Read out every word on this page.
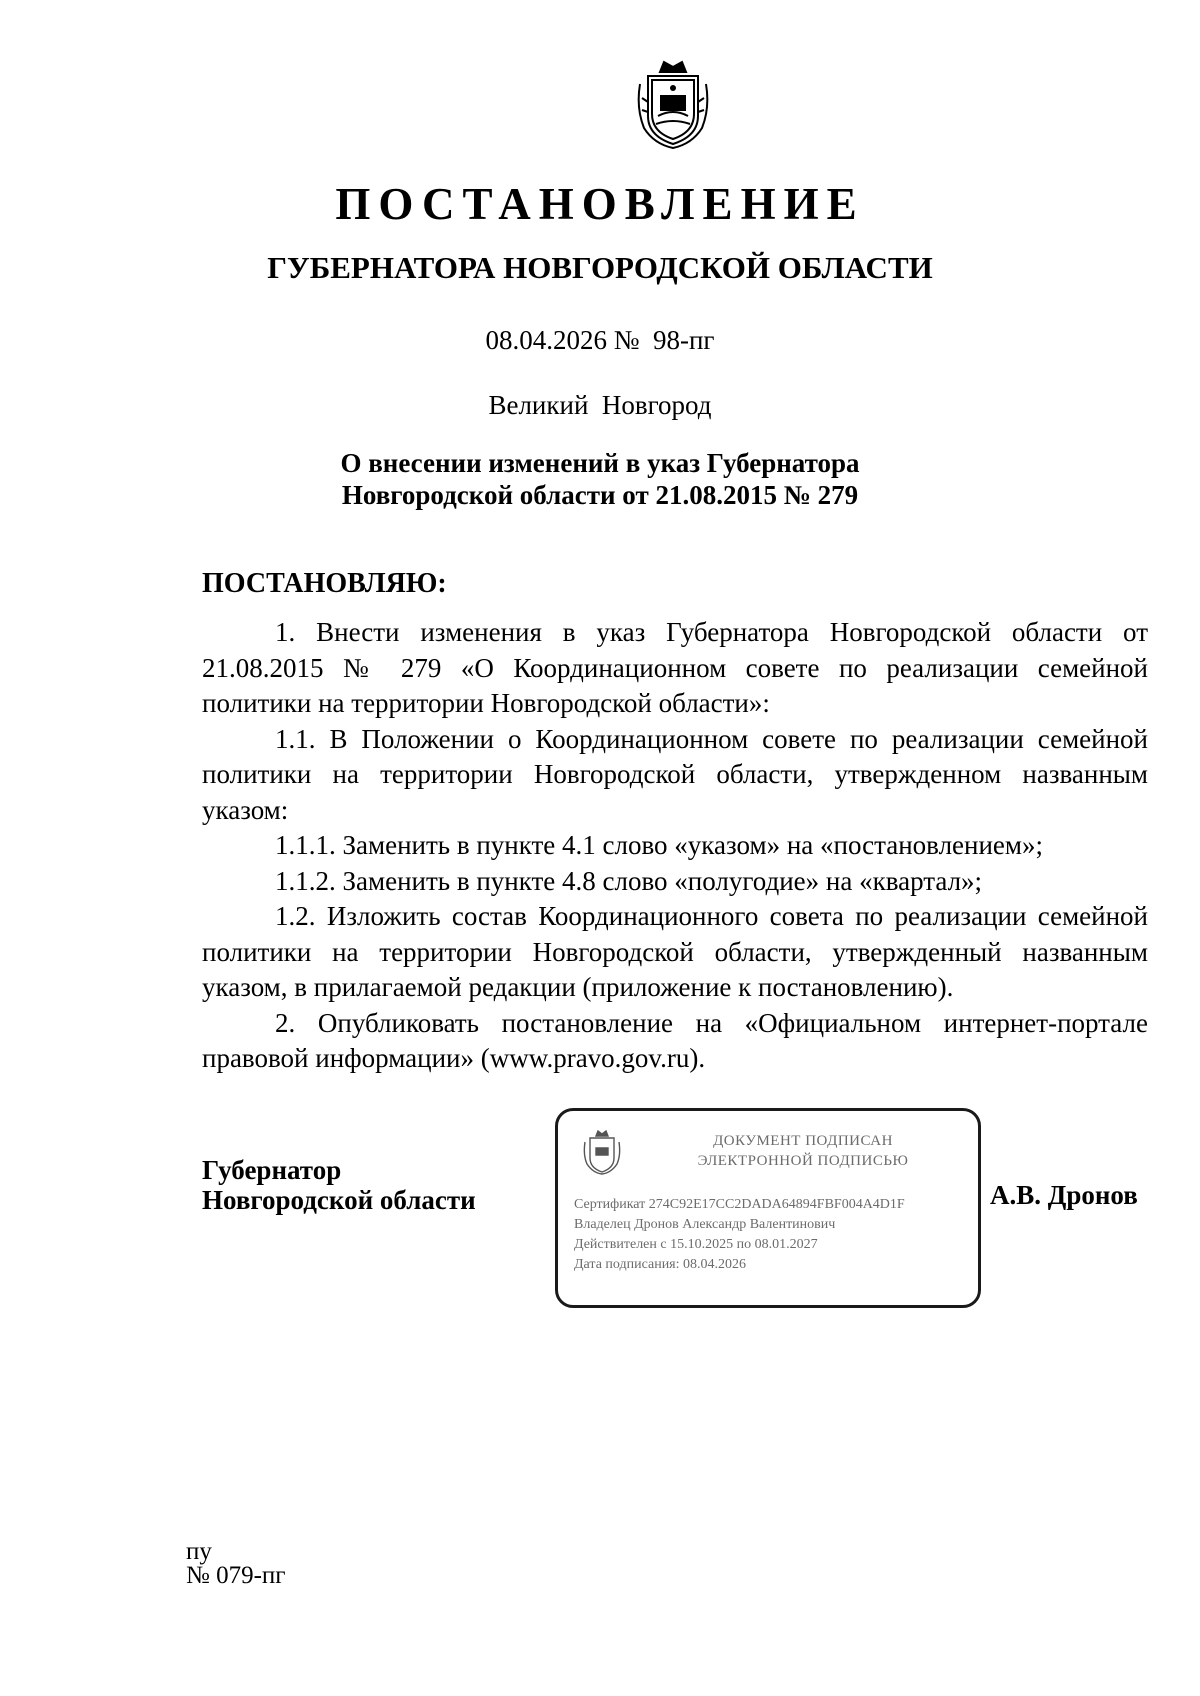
ПОСТАНОВЛЕНИЕ
ГУБЕРНАТОРА НОВГОРОДСКОЙ ОБЛАСТИ
08.04.2026 №  98-пг
Великий  Новгород
О внесении изменений в указ Губернатора
Новгородской области от 21.08.2015 № 279
ПОСТАНОВЛЯЮ:

1. Внести изменения в указ Губернатора Новгородской области от 21.08.2015 № 279 «О Координационном совете по реализации семейной политики на территории Новгородской области»:

1.1. В Положении о Координационном совете по реализации семейной политики на территории Новгородской области, утвержденном названным указом:

1.1.1. Заменить в пункте 4.1 слово «указом» на «постановлением»;

1.1.2. Заменить в пункте 4.8 слово «полугодие» на «квартал»;

1.2. Изложить состав Координационного совета по реализации семейной политики на территории Новгородской области, утвержденный названным указом, в прилагаемой редакции (приложение к постановлению).

2. Опубликовать постановление на «Официальном интернет-портале правовой информации» (www.pravo.gov.ru).

Губернатор
Новгородской области
ДОКУМЕНТ ПОДПИСАН
ЭЛЕКТРОННОЙ ПОДПИСЬЮ
Сертификат 274C92E17CC2DADA64894FBF004A4D1F
Владелец Дронов Александр Валентинович
Действителен с 15.10.2025 по 08.01.2027
Дата подписания: 08.04.2026
А.В. Дронов
пу
№ 079-пг
